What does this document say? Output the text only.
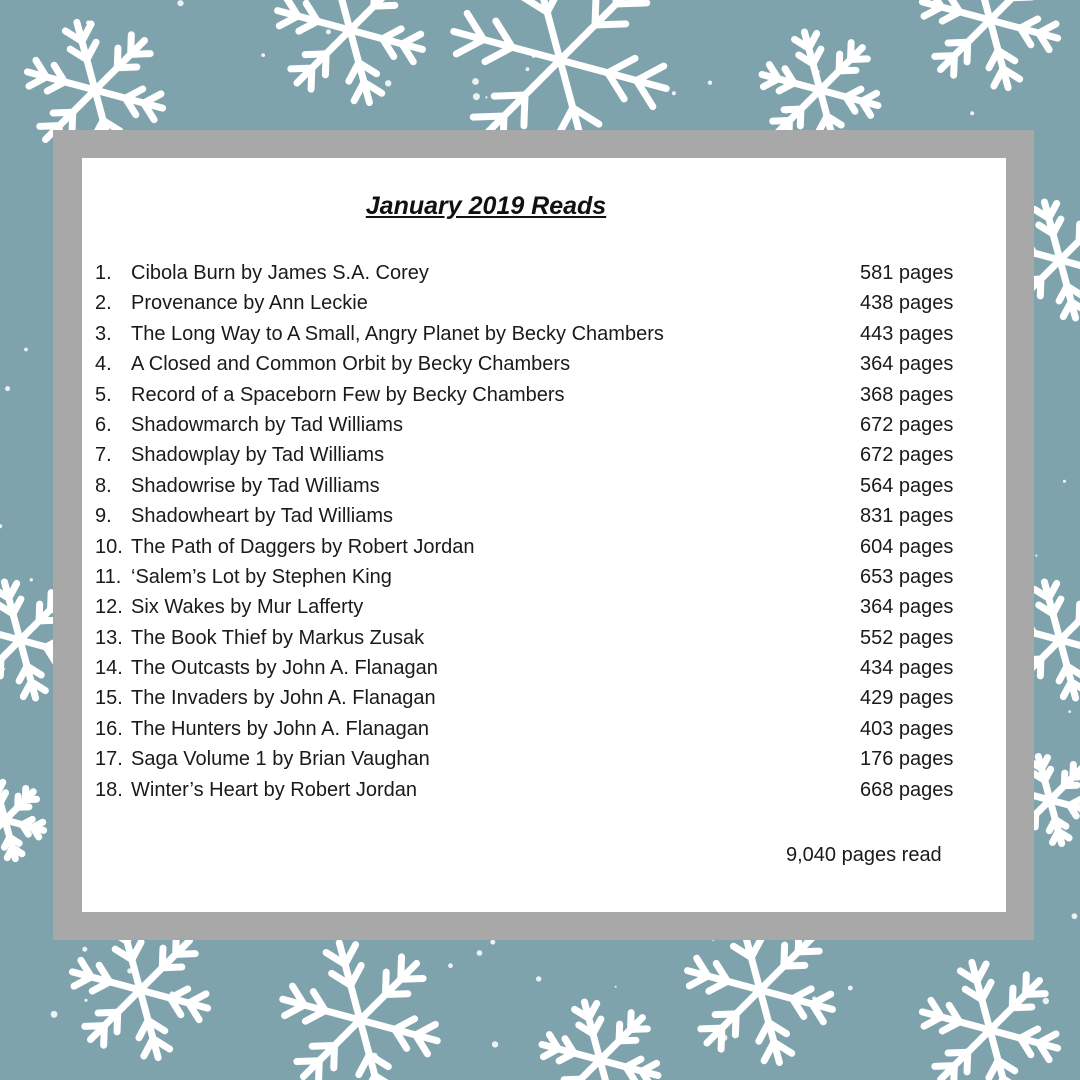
January 2019 Reads
1. Cibola Burn by James S.A. Corey	581 pages
2. Provenance by Ann Leckie	438 pages
3. The Long Way to A Small, Angry Planet by Becky Chambers	443 pages
4. A Closed and Common Orbit by Becky Chambers	364 pages
5. Record of a Spaceborn Few by Becky Chambers	368 pages
6. Shadowmarch by Tad Williams	672 pages
7. Shadowplay by Tad Williams	672 pages
8. Shadowrise by Tad Williams	564 pages
9. Shadowheart by Tad Williams	831 pages
10. The Path of Daggers by Robert Jordan	604 pages
11. ‘Salem’s Lot by Stephen King	653 pages
12. Six Wakes by Mur Lafferty	364 pages
13. The Book Thief by Markus Zusak	552 pages
14. The Outcasts by John A. Flanagan	434 pages
15. The Invaders by John A. Flanagan	429 pages
16. The Hunters by John A. Flanagan	403 pages
17. Saga Volume 1 by Brian Vaughan	176 pages
18. Winter’s Heart by Robert Jordan	668 pages
9,040 pages read
